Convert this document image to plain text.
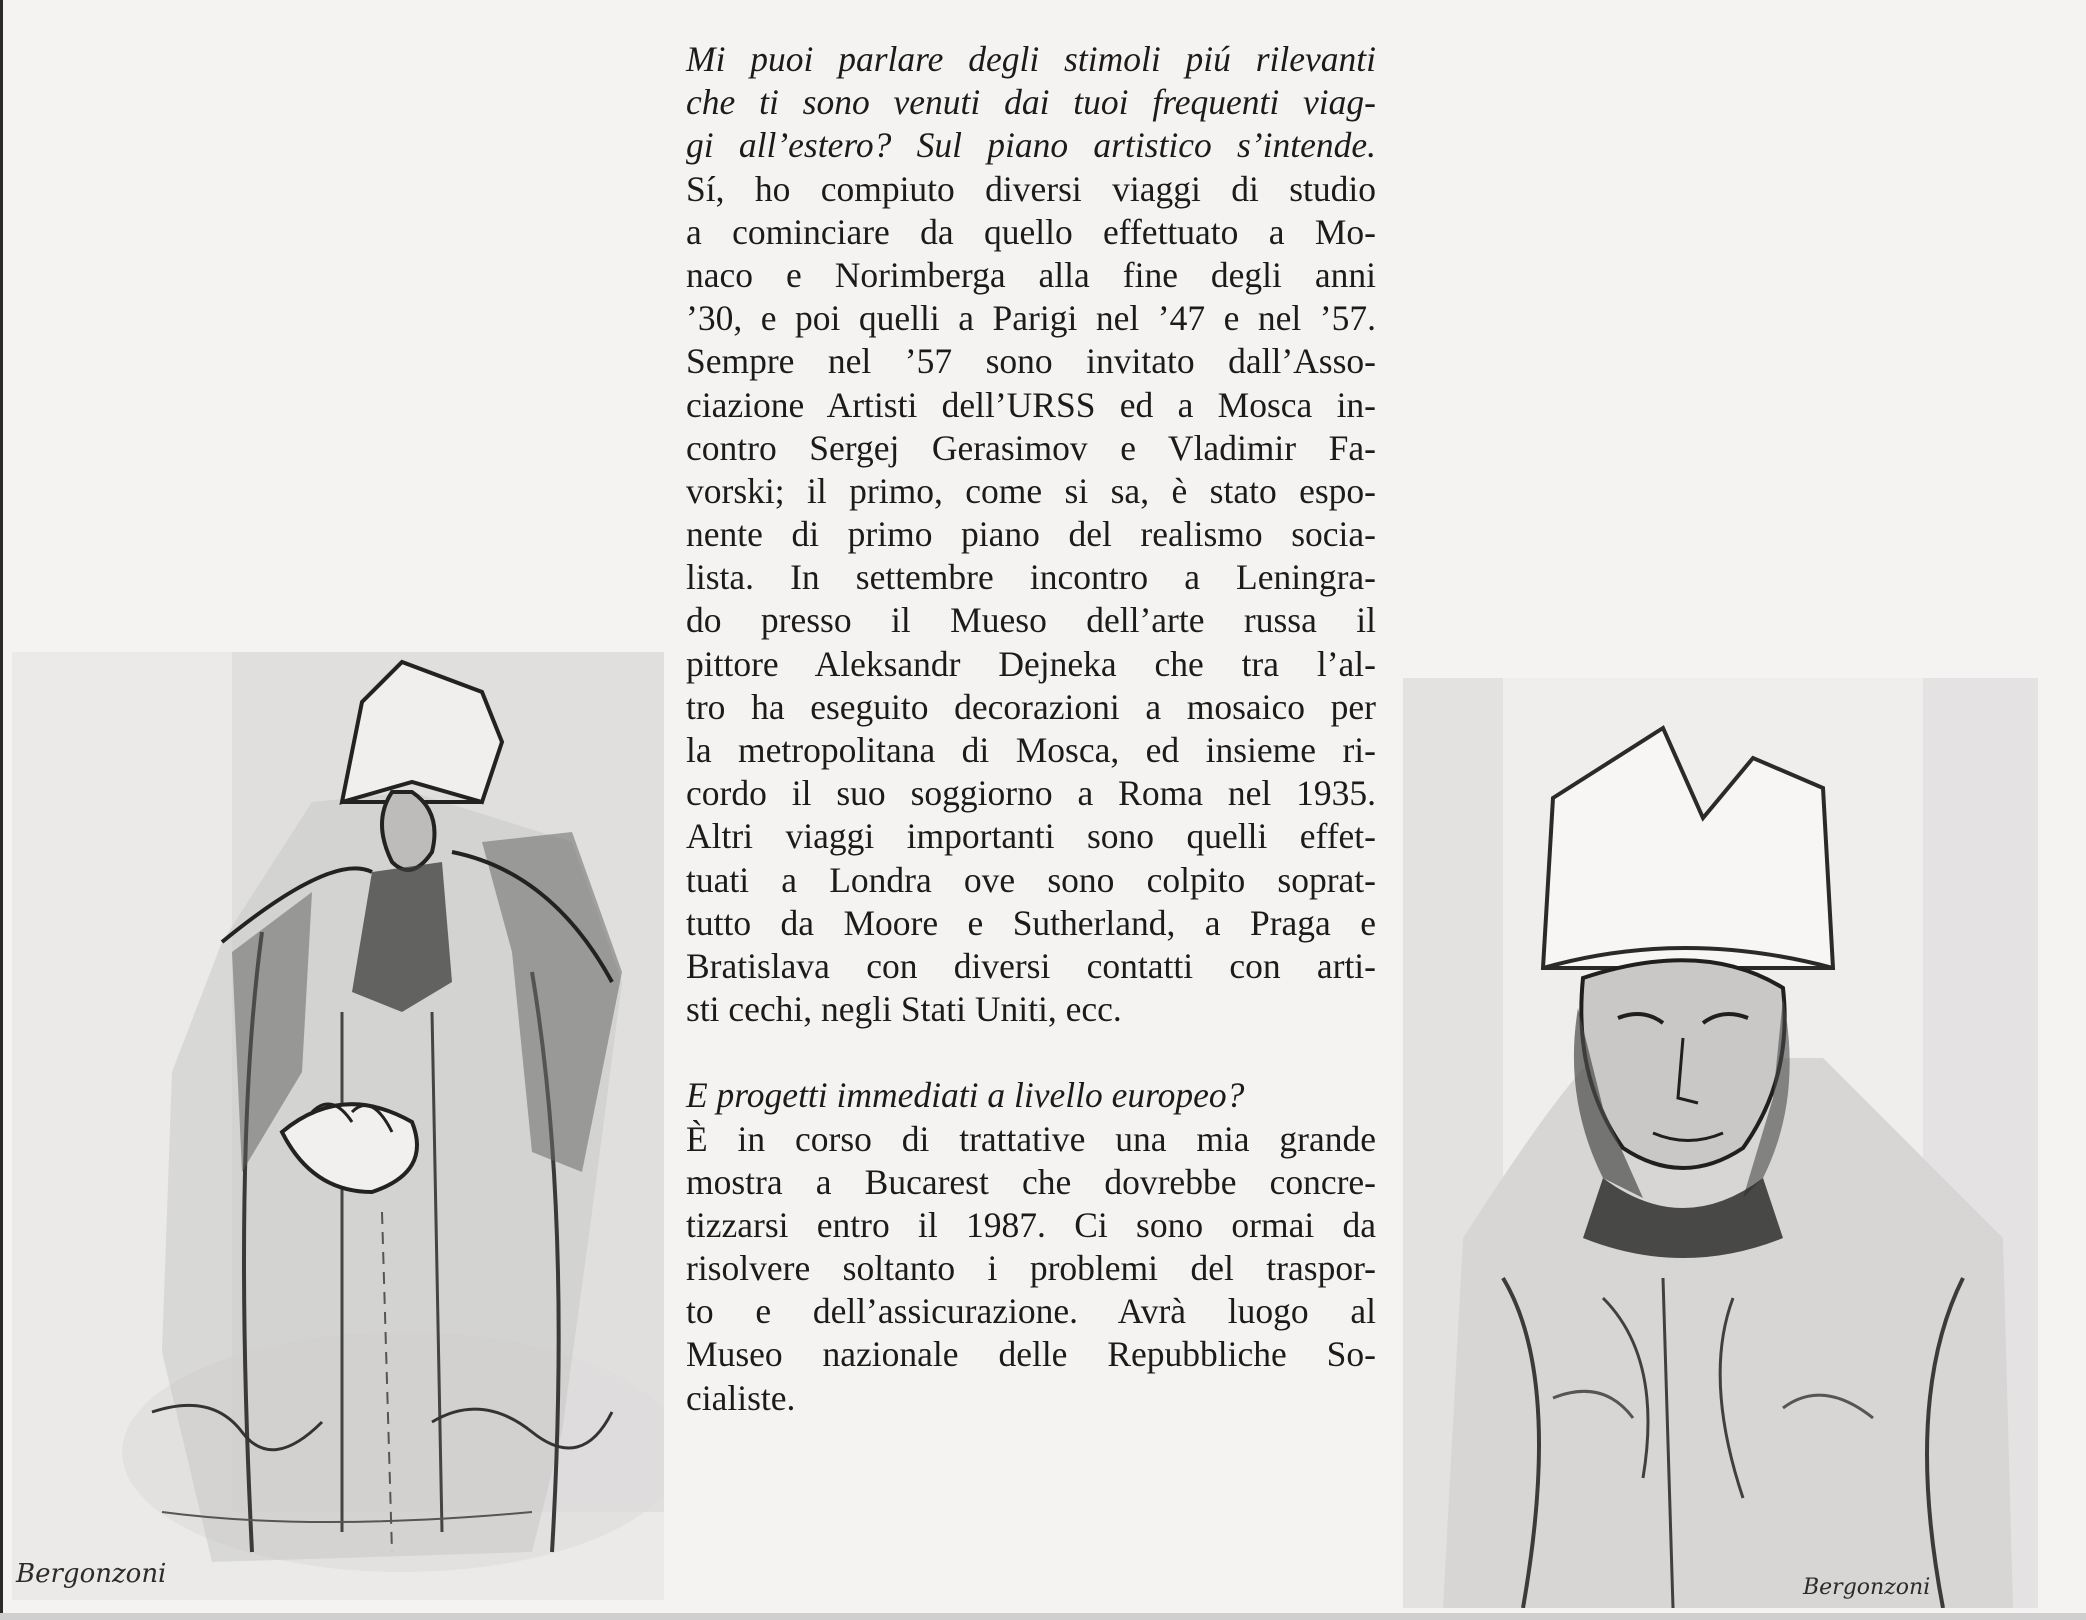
Bergonzoni	Bergonzoni
Mi puoi parlare degli stimoli piú rilevanti
che ti sono venuti dai tuoi frequenti viag-
gi all’estero? Sul piano artistico s’intende.
Sí, ho compiuto diversi viaggi di studio
a cominciare da quello effettuato a Mo-
naco e Norimberga alla fine degli anni
’30, e poi quelli a Parigi nel ’47 e nel ’57.
Sempre nel ’57 sono invitato dall’Asso-
ciazione Artisti dell’URSS ed a Mosca in-
contro Sergej Gerasimov e Vladimir Fa-
vorski; il primo, come si sa, è stato espo-
nente di primo piano del realismo socia-
lista. In settembre incontro a Leningra-
do presso il Mueso dell’arte russa il
pittore Aleksandr Dejneka che tra l’al-
tro ha eseguito decorazioni a mosaico per
la metropolitana di Mosca, ed insieme ri-
cordo il suo soggiorno a Roma nel 1935.
Altri viaggi importanti sono quelli effet-
tuati a Londra ove sono colpito soprat-
tutto da Moore e Sutherland, a Praga e
Bratislava con diversi contatti con arti-
sti cechi, negli Stati Uniti, ecc.
E progetti immediati a livello europeo?
È in corso di trattative una mia grande
mostra a Bucarest che dovrebbe concre-
tizzarsi entro il 1987. Ci sono ormai da
risolvere soltanto i problemi del traspor-
to e dell’assicurazione. Avrà luogo al
Museo nazionale delle Repubbliche So-
cialiste.
